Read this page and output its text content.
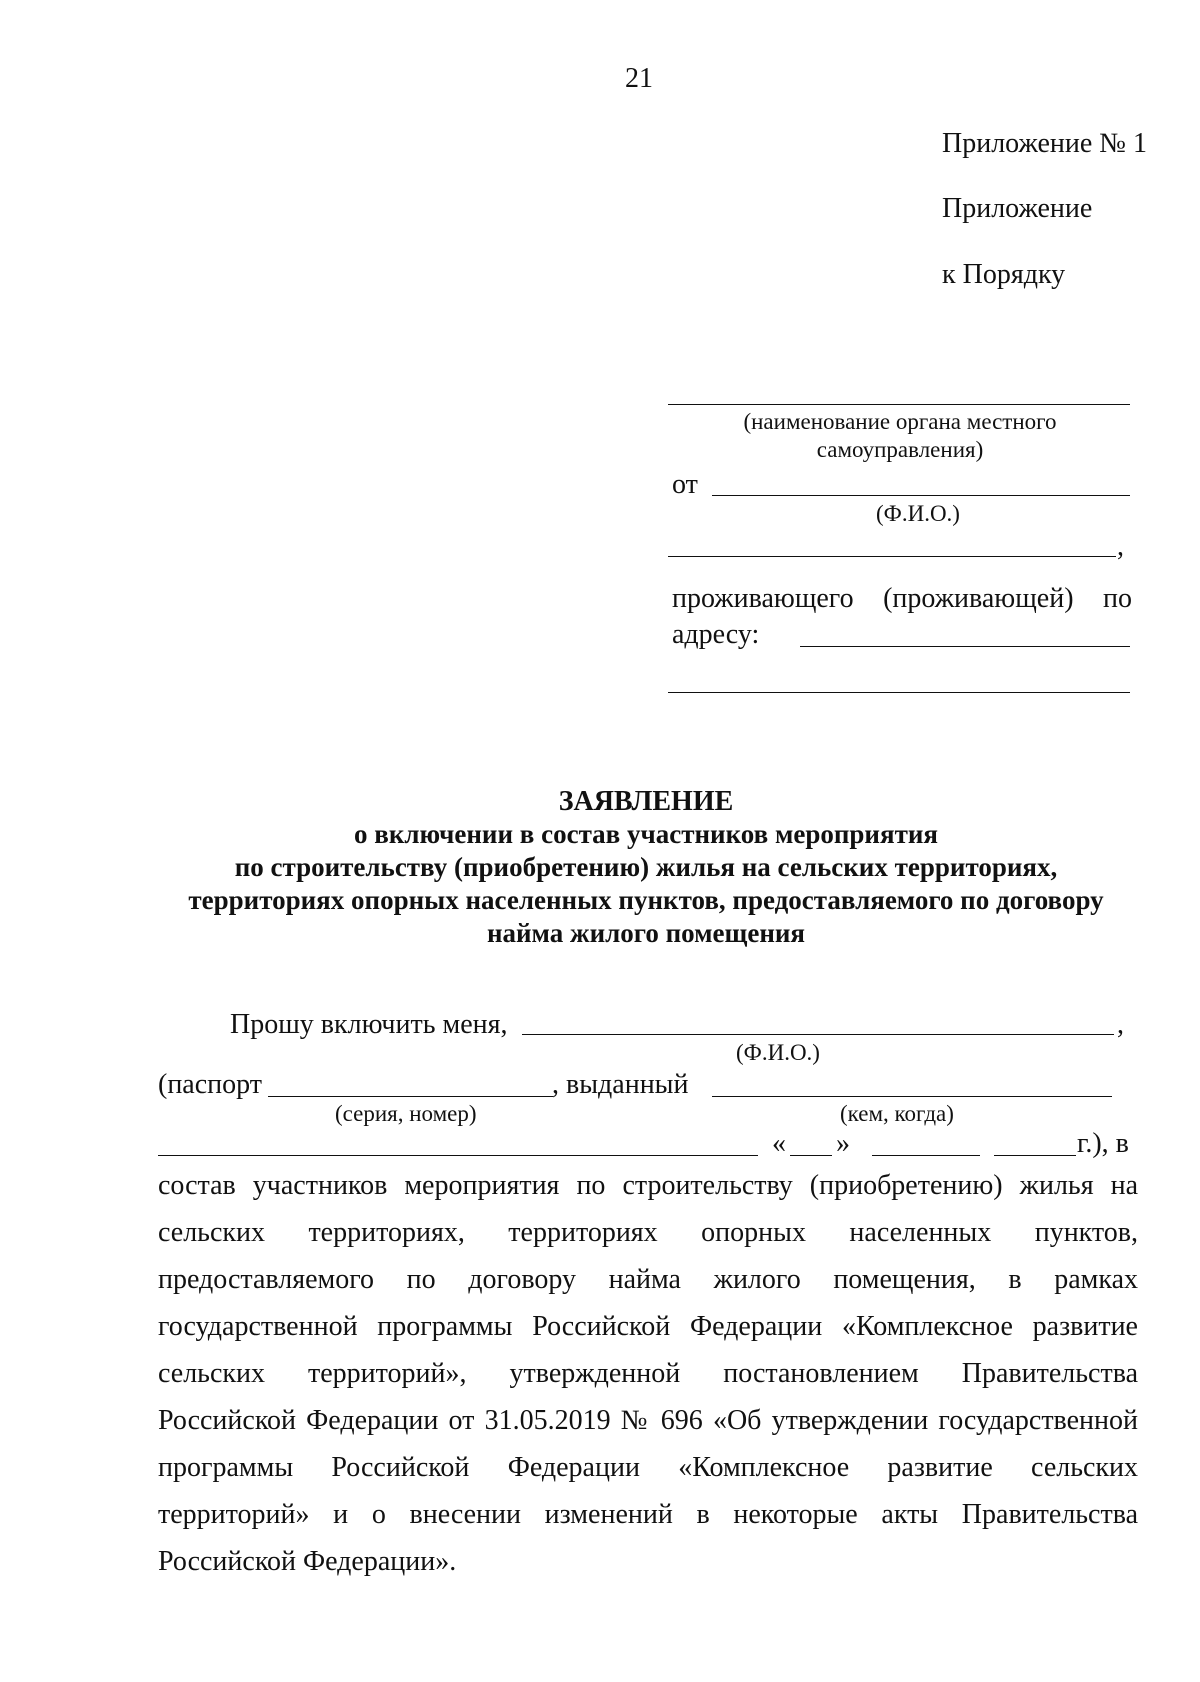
21
Приложение № 1
Приложение
к Порядку
(наименование органа местного самоуправления)
от
(Ф.И.О.)
,
проживающего (проживающей) по
адресу:
ЗАЯВЛЕНИЕ
о включении в состав участников мероприятия
по строительству (приобретению) жилья на сельских территориях,
территориях опорных населенных пунктов, предоставляемого по договору
найма жилого помещения
Прошу включить меня,	,
(Ф.И.О.)
(паспорт	, выданный
(серия, номер)	(кем, когда)
« »	г.), в
состав участников мероприятия по строительству (приобретению) жилья на сельских территориях, территориях опорных населенных пунктов, предоставляемого по договору найма жилого помещения, в рамках государственной программы Российской Федерации «Комплексное развитие сельских территорий», утвержденной постановлением Правительства Российской Федерации от 31.05.2019 № 696 «Об утверждении государственной программы Российской Федерации «Комплексное развитие сельских территорий» и о внесении изменений в некоторые акты Правительства Российской Федерации».
